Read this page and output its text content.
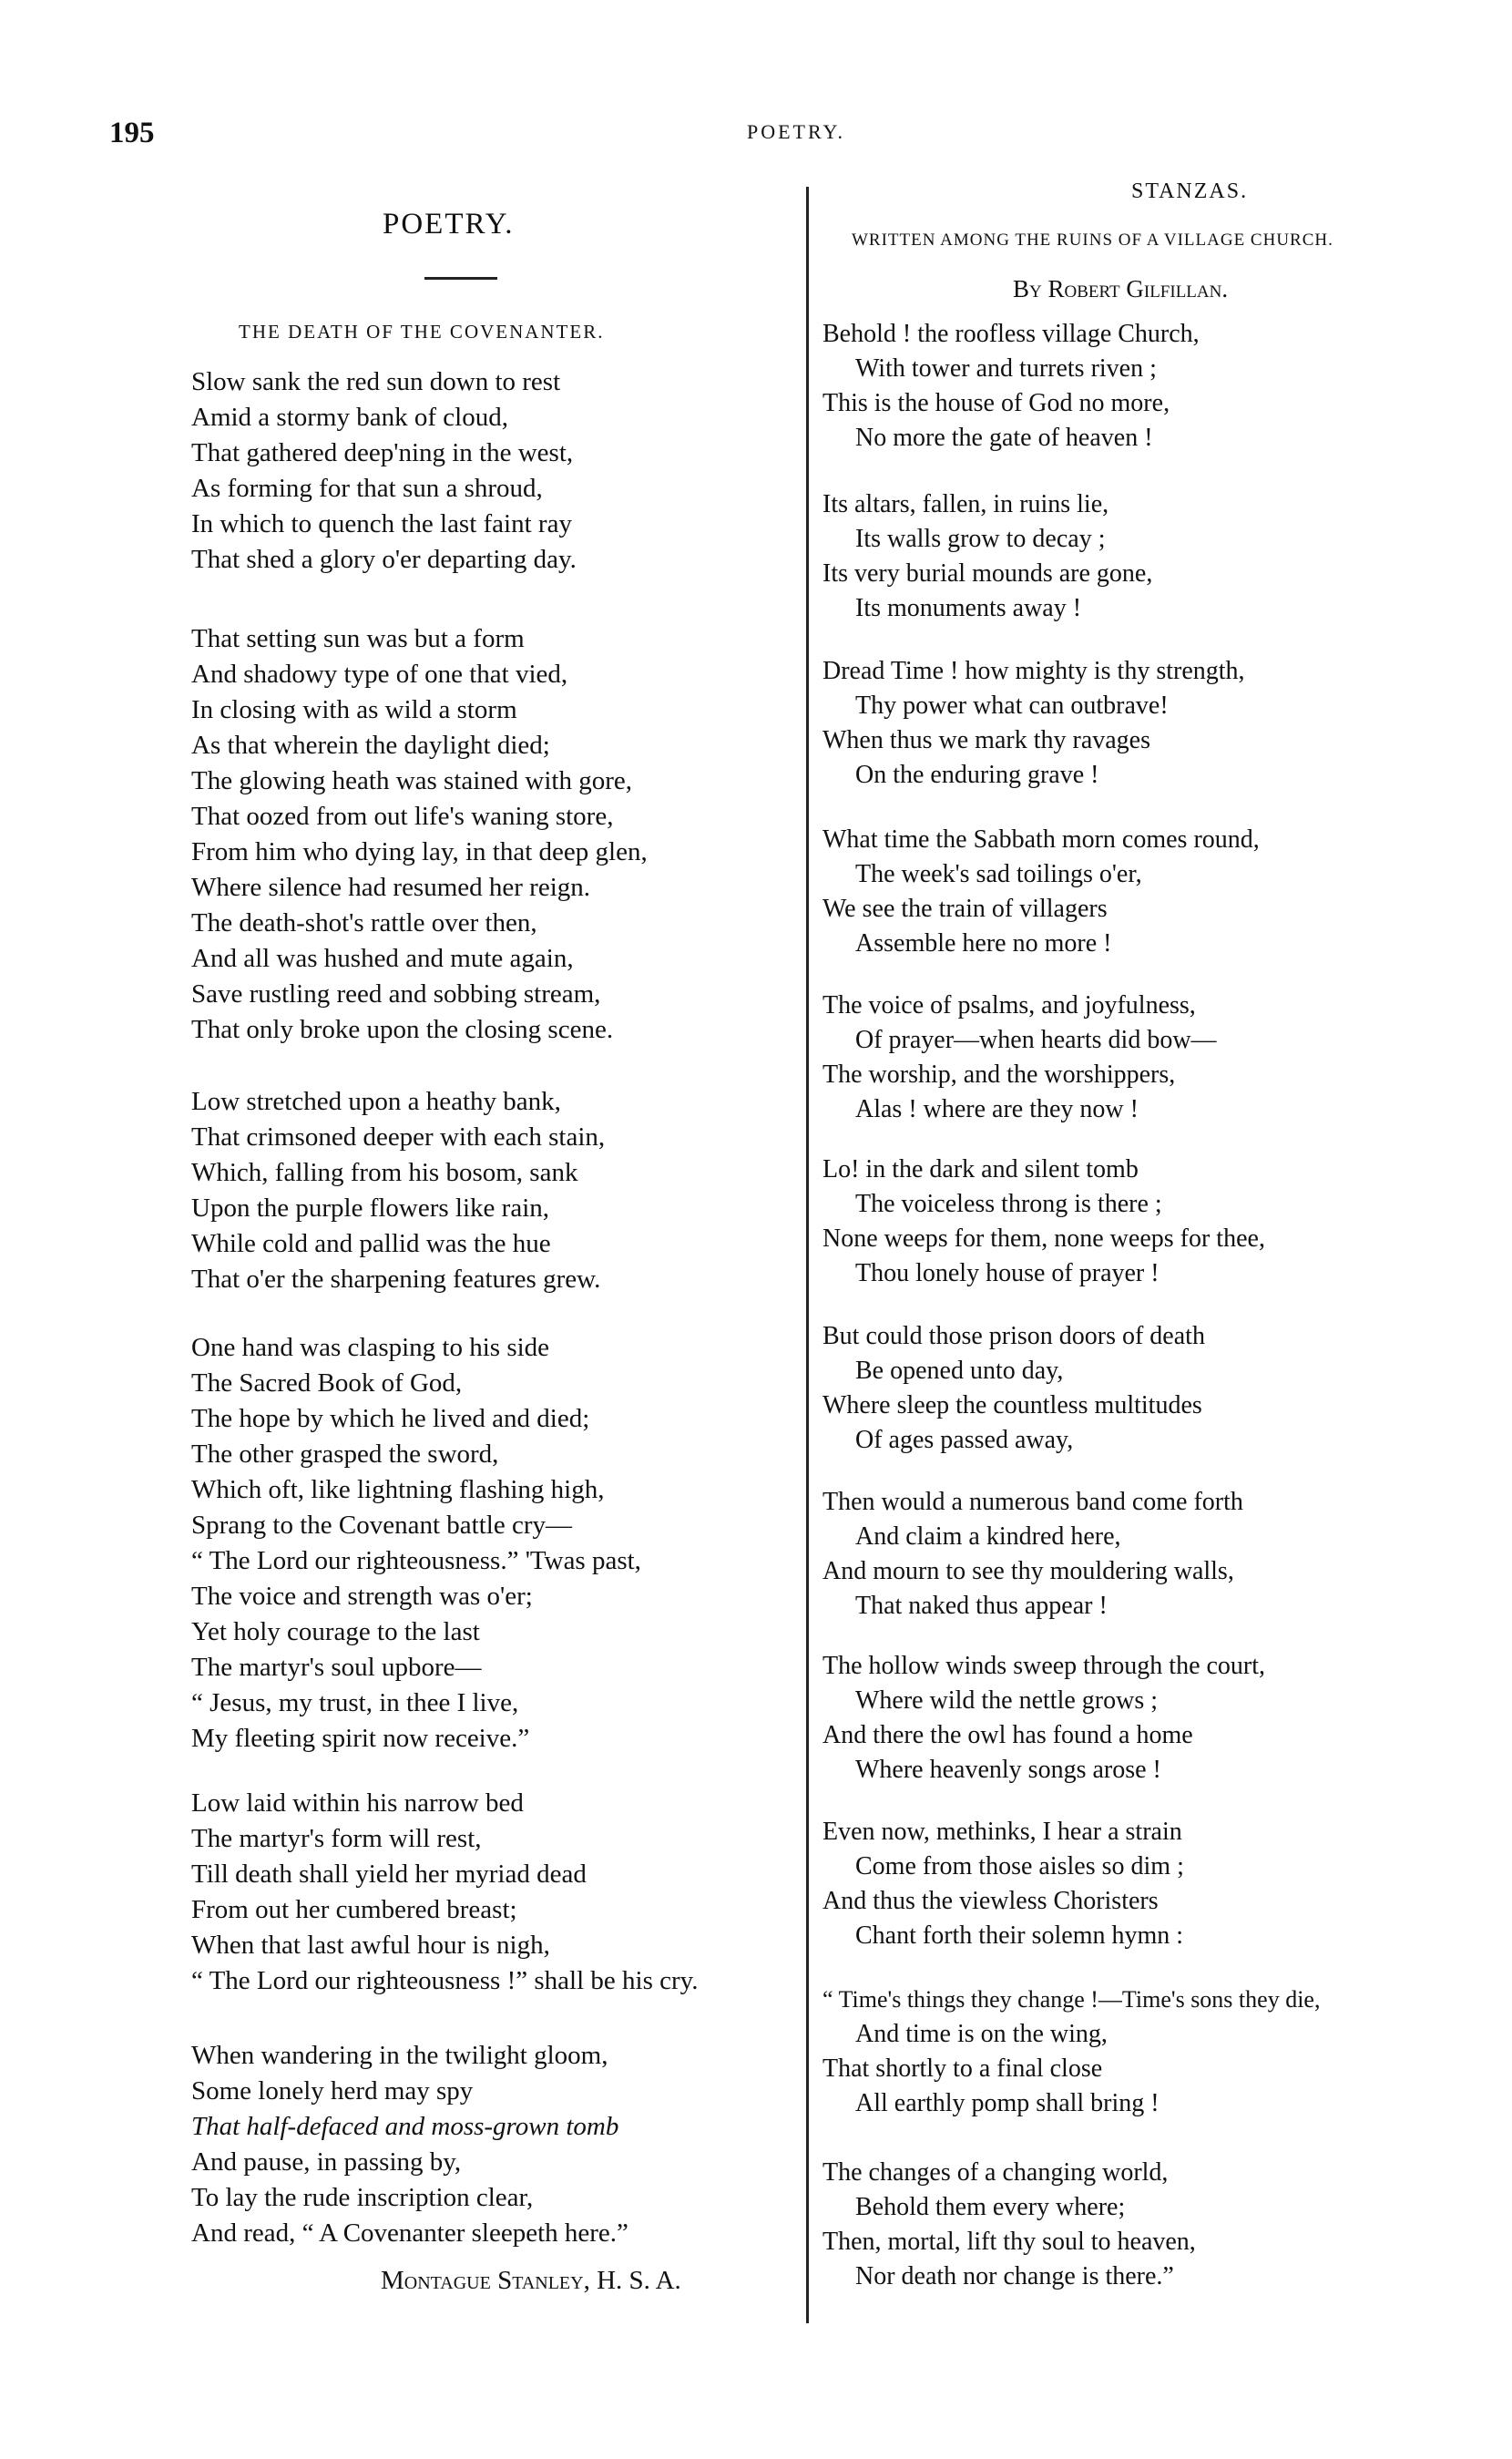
195	POETRY.
POETRY.
THE DEATH OF THE COVENANTER.
Slow sank the red sun down to rest
Amid a stormy bank of cloud,
That gathered deep'ning in the west,
As forming for that sun a shroud,
In which to quench the last faint ray
That shed a glory o'er departing day.
That setting sun was but a form
And shadowy type of one that vied,
In closing with as wild a storm
As that wherein the daylight died;
The glowing heath was stained with gore,
That oozed from out life's waning store,
From him who dying lay, in that deep glen,
Where silence had resumed her reign.
The death-shot's rattle over then,
And all was hushed and mute again,
Save rustling reed and sobbing stream,
That only broke upon the closing scene.
Low stretched upon a heathy bank,
That crimsoned deeper with each stain,
Which, falling from his bosom, sank
Upon the purple flowers like rain,
While cold and pallid was the hue
That o'er the sharpening features grew.
One hand was clasping to his side
The Sacred Book of God,
The hope by which he lived and died;
The other grasped the sword,
Which oft, like lightning flashing high,
Sprang to the Covenant battle cry—
“ The Lord our righteousness.” 'Twas past,
The voice and strength was o'er;
Yet holy courage to the last
The martyr's soul upbore—
“ Jesus, my trust, in thee I live,
My fleeting spirit now receive.”
Low laid within his narrow bed
The martyr's form will rest,
Till death shall yield her myriad dead
From out her cumbered breast;
When that last awful hour is nigh,
“ The Lord our righteousness !” shall be his cry.
When wandering in the twilight gloom,
Some lonely herd may spy
That half-defaced and moss-grown tomb
And pause, in passing by,
To lay the rude inscription clear,
And read, “ A Covenanter sleepeth here.”
Montague Stanley, H. S. A.
STANZAS.
WRITTEN AMONG THE RUINS OF A VILLAGE CHURCH.
By Robert Gilfillan.
Behold ! the roofless village Church,
With tower and turrets riven ;
This is the house of God no more,
No more the gate of heaven !
Its altars, fallen, in ruins lie,
Its walls grow to decay ;
Its very burial mounds are gone,
Its monuments away !
Dread Time ! how mighty is thy strength,
Thy power what can outbrave!
When thus we mark thy ravages
On the enduring grave !
What time the Sabbath morn comes round,
The week's sad toilings o'er,
We see the train of villagers
Assemble here no more !
The voice of psalms, and joyfulness,
Of prayer—when hearts did bow—
The worship, and the worshippers,
Alas ! where are they now !
Lo! in the dark and silent tomb
The voiceless throng is there ;
None weeps for them, none weeps for thee,
Thou lonely house of prayer !
But could those prison doors of death
Be opened unto day,
Where sleep the countless multitudes
Of ages passed away,
Then would a numerous band come forth
And claim a kindred here,
And mourn to see thy mouldering walls,
That naked thus appear !
The hollow winds sweep through the court,
Where wild the nettle grows ;
And there the owl has found a home
Where heavenly songs arose !
Even now, methinks, I hear a strain
Come from those aisles so dim ;
And thus the viewless Choristers
Chant forth their solemn hymn :
“ Time's things they change !—Time's sons they die,
And time is on the wing,
That shortly to a final close
All earthly pomp shall bring !
The changes of a changing world,
Behold them every where;
Then, mortal, lift thy soul to heaven,
Nor death nor change is there.”
